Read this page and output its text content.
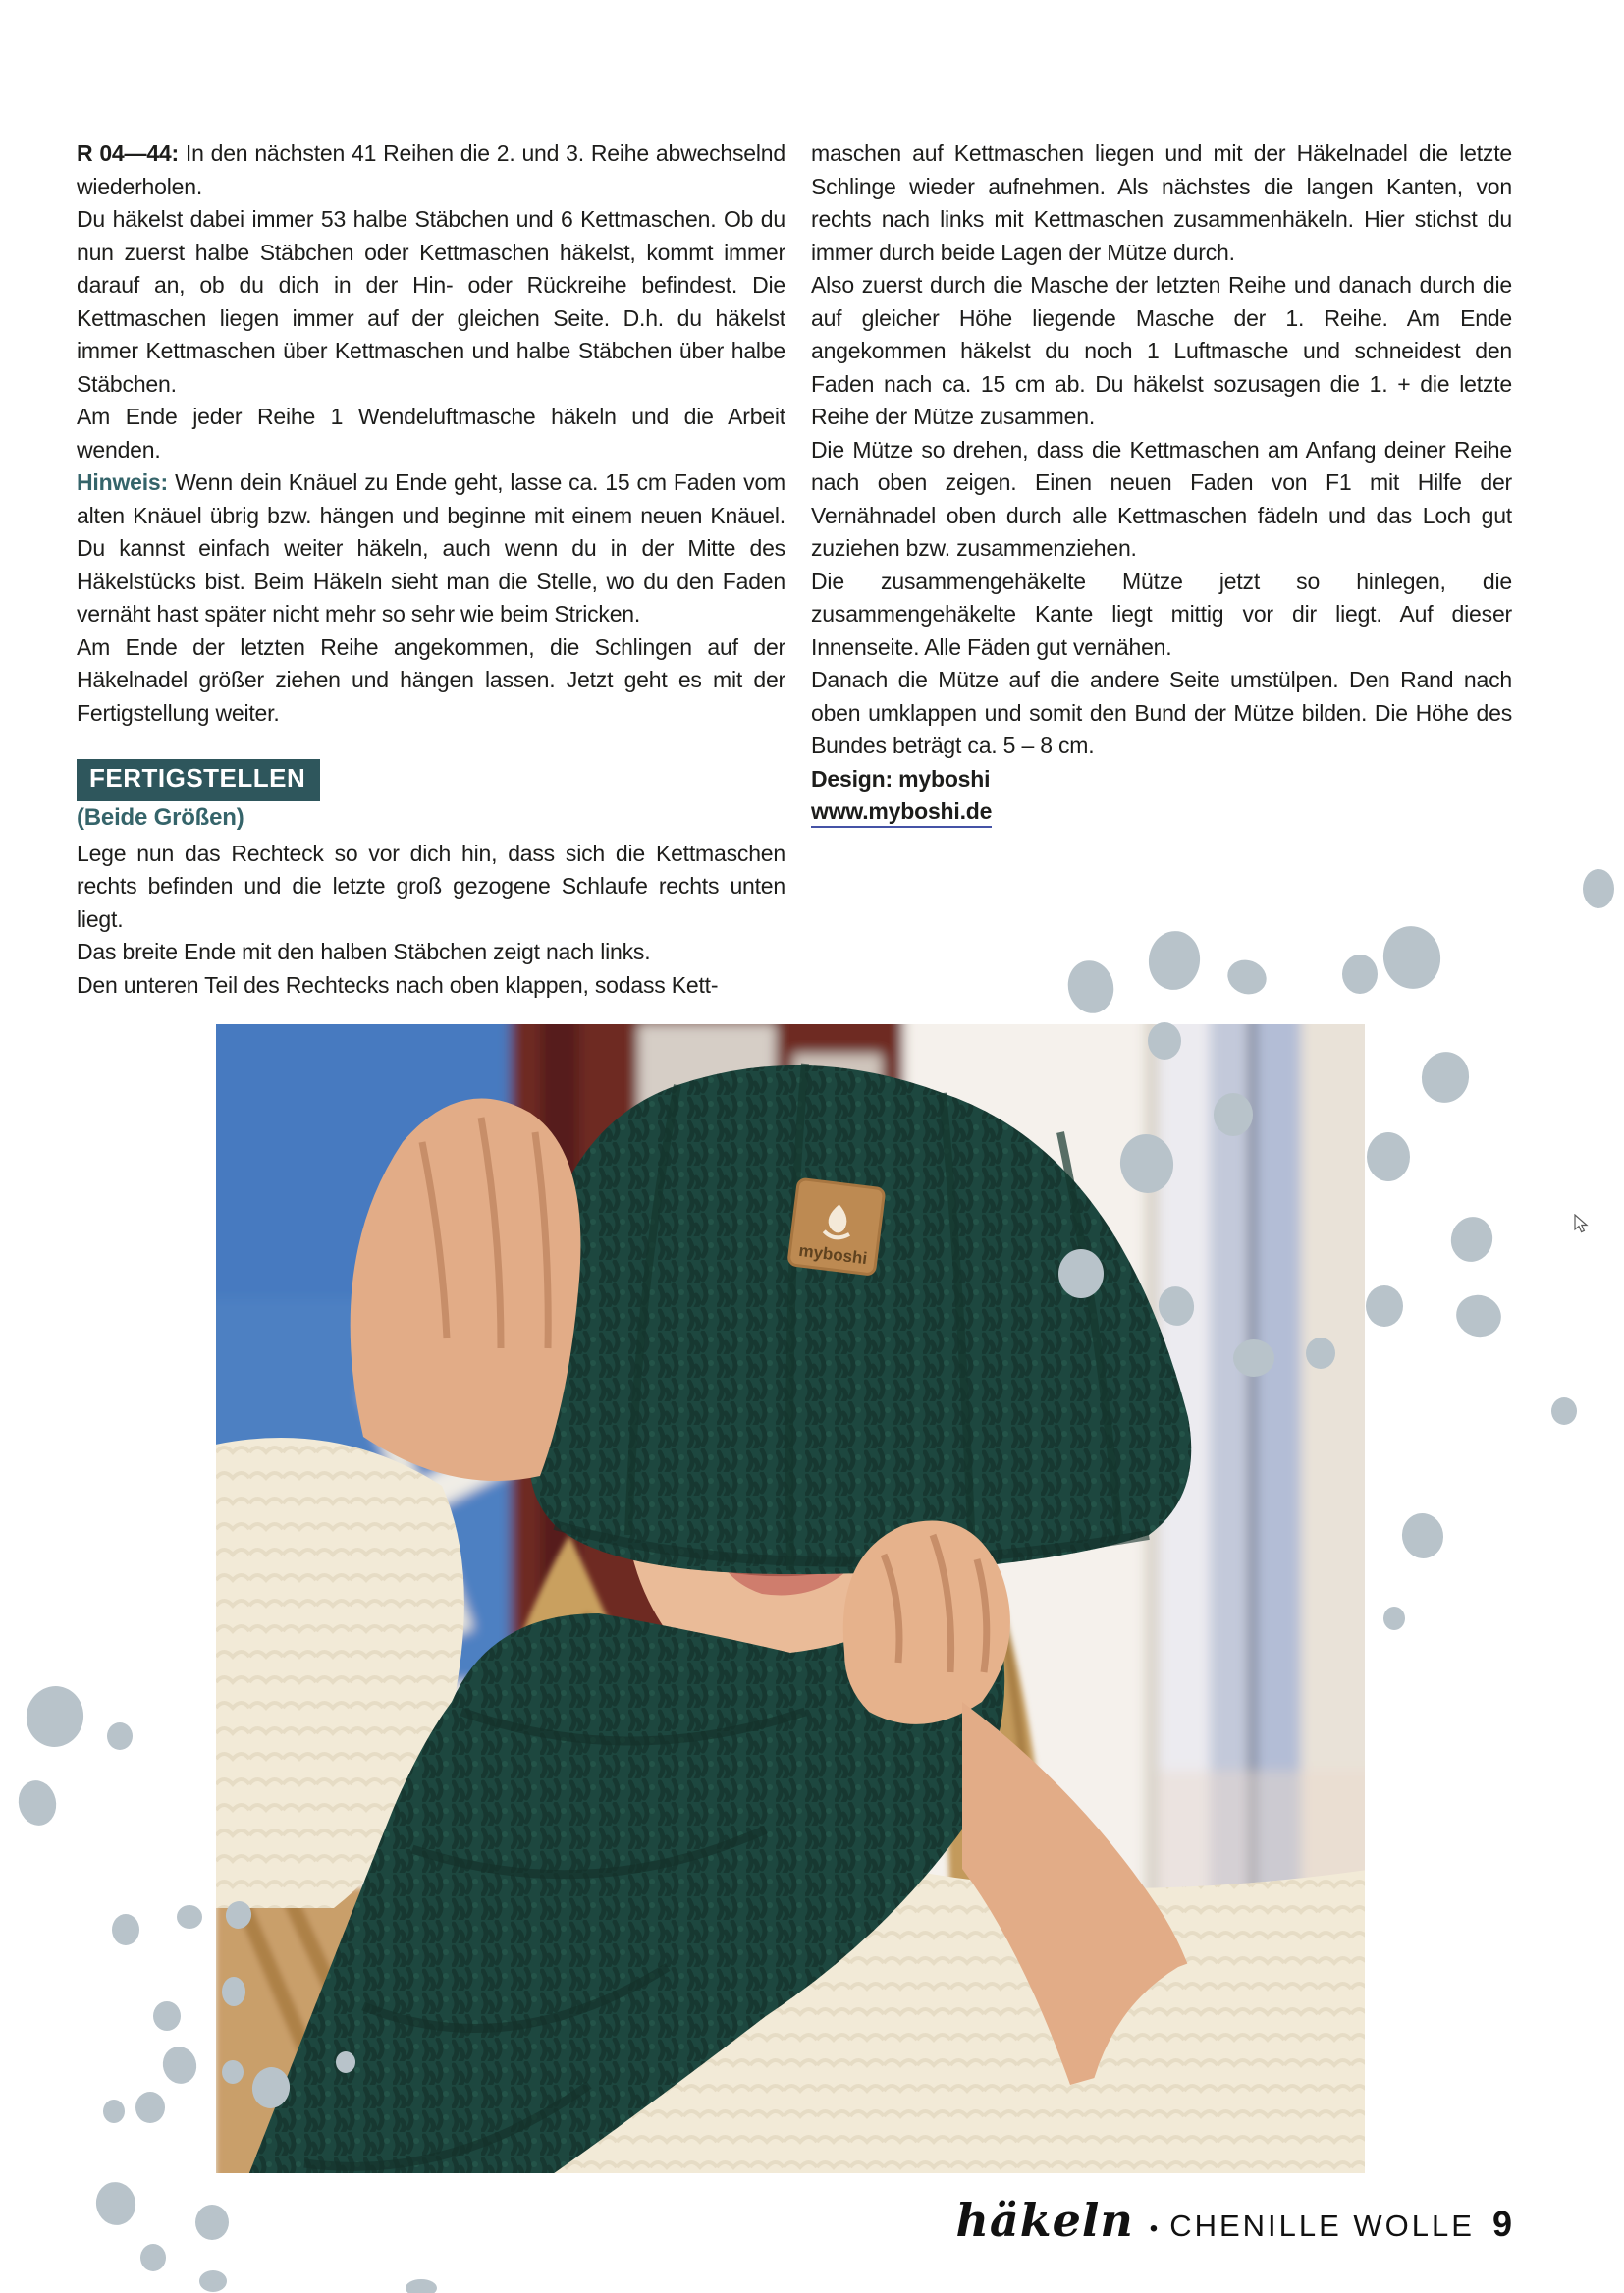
R 04—44: In den nächsten 41 Reihen die 2. und 3. Reihe abwechselnd wiederholen.

Du häkelst dabei immer 53 halbe Stäbchen und 6 Kettmaschen. Ob du nun zuerst halbe Stäbchen oder Kettmaschen häkelst, kommt immer darauf an, ob du dich in der Hin- oder Rückreihe befindest. Die Kettmaschen liegen immer auf der gleichen Seite. D.h. du häkelst immer Kettmaschen über Kettmaschen und halbe Stäbchen über halbe Stäbchen.

Am Ende jeder Reihe 1 Wendeluftmasche häkeln und die Arbeit wenden.

Hinweis: Wenn dein Knäuel zu Ende geht, lasse ca. 15 cm Faden vom alten Knäuel übrig bzw. hängen und beginne mit einem neuen Knäuel. Du kannst einfach weiter häkeln, auch wenn du in der Mitte des Häkelstücks bist. Beim Häkeln sieht man die Stelle, wo du den Faden vernäht hast später nicht mehr so sehr wie beim Stricken.

Am Ende der letzten Reihe angekommen, die Schlingen auf der Häkelnadel größer ziehen und hängen lassen. Jetzt geht es mit der Fertigstellung weiter.

FERTIGSTELLEN
(Beide Größen)

Lege nun das Rechteck so vor dich hin, dass sich die Kettmaschen rechts befinden und die letzte groß gezogene Schlaufe rechts unten liegt.

Das breite Ende mit den halben Stäbchen zeigt nach links.

Den unteren Teil des Rechtecks nach oben klappen, sodass Kett-

maschen auf Kettmaschen liegen und mit der Häkelnadel die letzte Schlinge wieder aufnehmen. Als nächstes die langen Kanten, von rechts nach links mit Kettmaschen zusammenhäkeln. Hier stichst du immer durch beide Lagen der Mütze durch.

Also zuerst durch die Masche der letzten Reihe und danach durch die auf gleicher Höhe liegende Masche der 1. Reihe. Am Ende angekommen häkelst du noch 1 Luftmasche und schneidest den Faden nach ca. 15 cm ab. Du häkelst sozusagen die 1. + die letzte Reihe der Mütze zusammen.

Die Mütze so drehen, dass die Kettmaschen am Anfang deiner Reihe nach oben zeigen. Einen neuen Faden von F1 mit Hilfe der Vernähnadel oben durch alle Kettmaschen fädeln und das Loch gut zuziehen bzw. zusammenziehen.

Die zusammengehäkelte Mütze jetzt so hinlegen, die zusammengehäkelte Kante liegt mittig vor dir liegt. Auf dieser Innenseite. Alle Fäden gut vernähen.

Danach die Mütze auf die andere Seite umstülpen. Den Rand nach oben umklappen und somit den Bund der Mütze bilden. Die Höhe des Bundes beträgt ca. 5 – 8 cm.

Design: myboshi

www.myboshi.de

myboshi
häkeln • CHENILLE WOLLE 9
